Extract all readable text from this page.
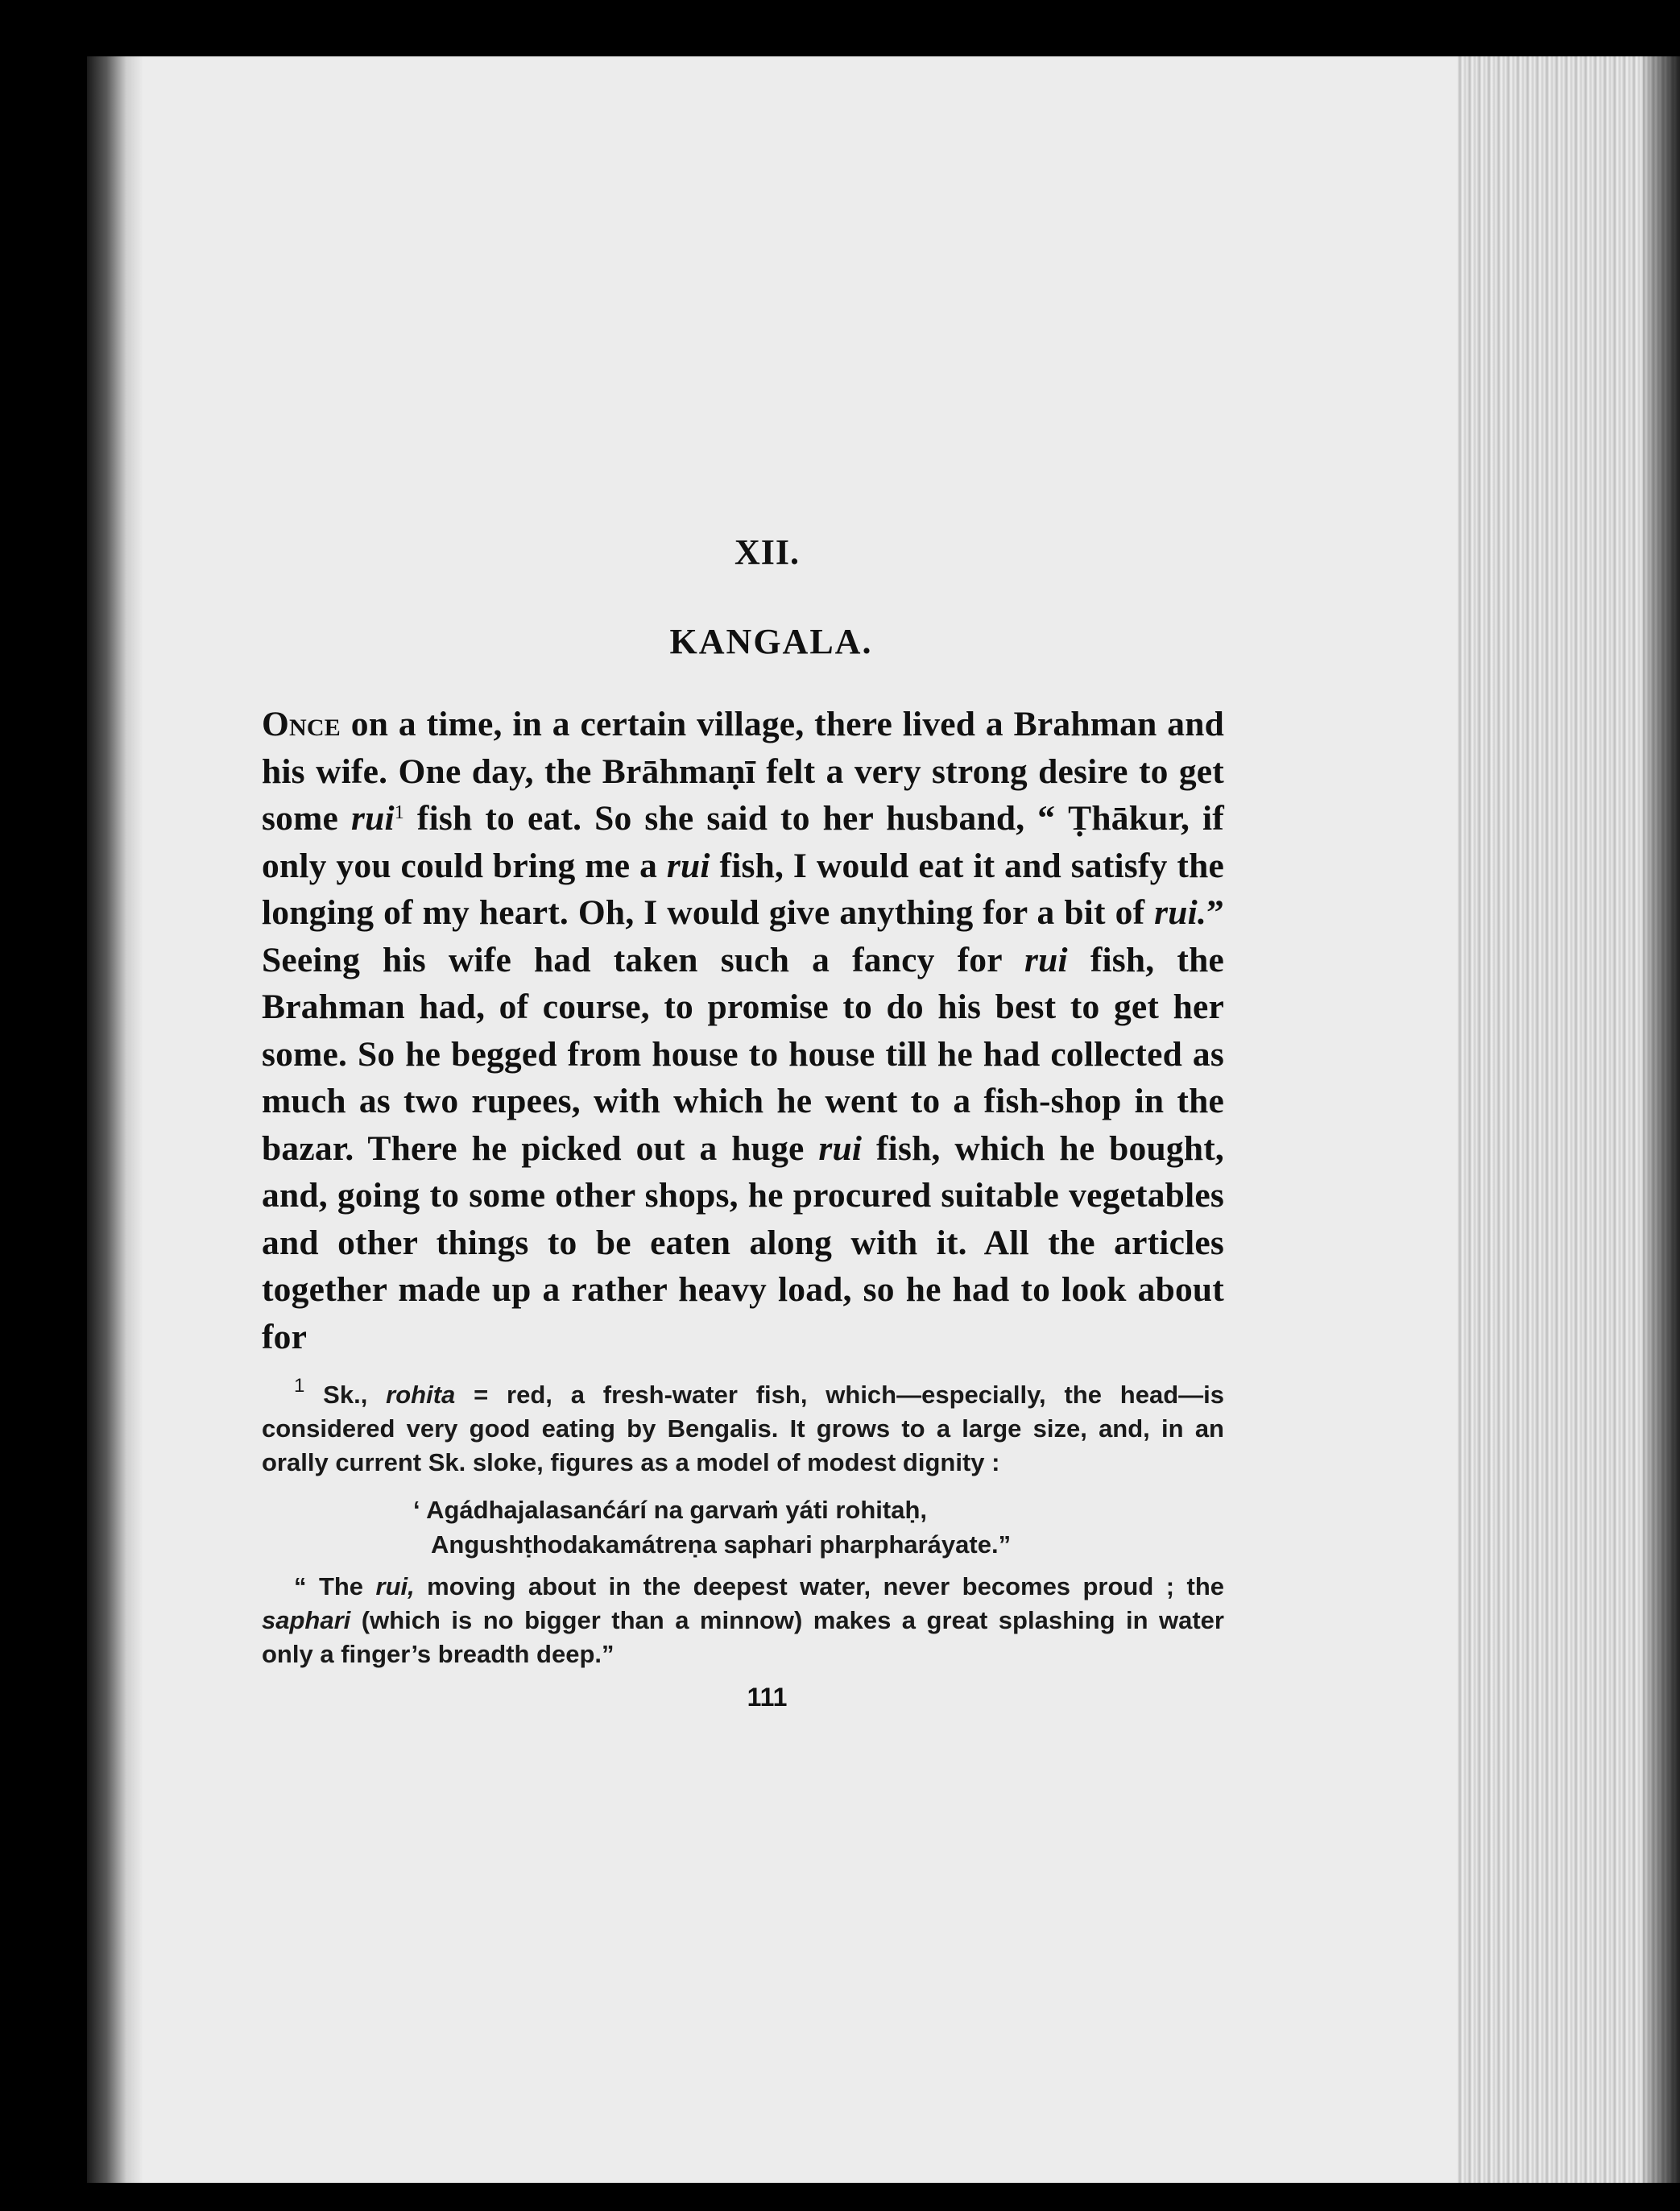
XII.
KANGALA.

Once on a time, in a certain village, there lived a Brahman and his wife. One day, the Brāhmaṇī felt a very strong desire to get some rui$^1$ fish to eat. So she said to her husband, “ Ṭhākur, if only you could bring me a rui fish, I would eat it and satisfy the longing of my heart. Oh, I would give anything for a bit of rui.” Seeing his wife had taken such a fancy for rui fish, the Brahman had, of course, to promise to do his best to get her some. So he begged from house to house till he had collected as much as two rupees, with which he went to a fish-shop in the bazar. There he picked out a huge rui fish, which he bought, and, going to some other shops, he procured suitable vegetables and other things to be eaten along with it. All the articles together made up a rather heavy load, so he had to look about for

$^1$ Sk., rohita = red, a fresh-water fish, which—especially, the head—is considered very good eating by Bengalis. It grows to a large size, and, in an orally current Sk. sloke, figures as a model of modest dignity :

‘ Agádhajalasanćárí na garvaṁ yáti rohitaḥ,
Angushṭhodakamátreṇa saphari pharpharáyate.”

“ The rui, moving about in the deepest water, never becomes proud ; the saphari (which is no bigger than a minnow) makes a great splashing in water only a finger’s breadth deep.”

111
